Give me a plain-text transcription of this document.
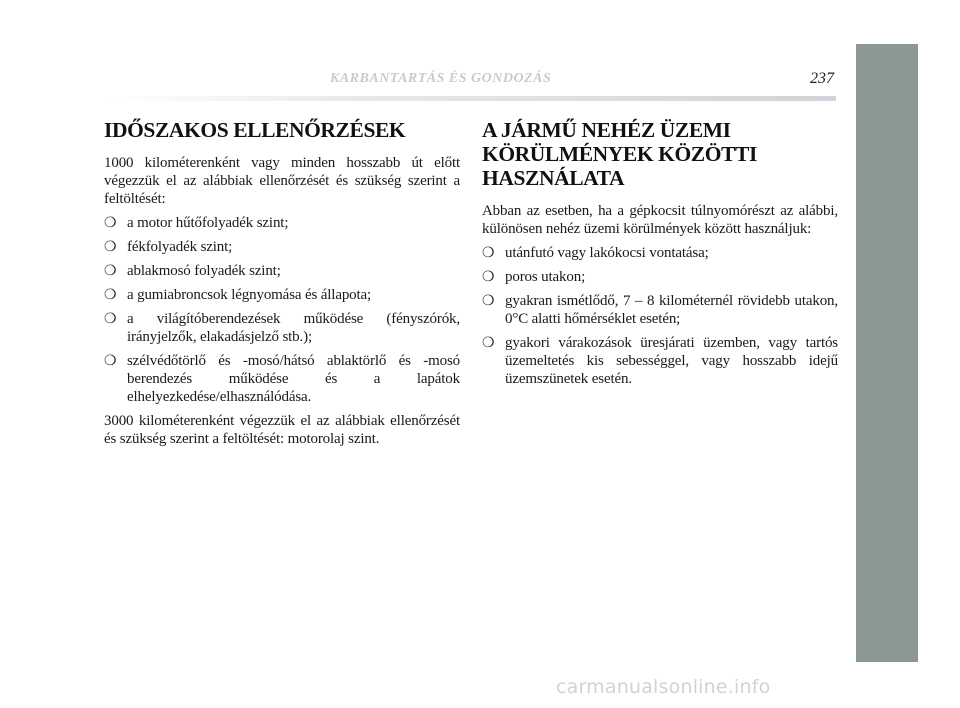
KARBANTARTÁS ÉS GONDOZÁS	237
IDŐSZAKOS ELLENŐRZÉSEK

1000 kilométerenként vagy minden hosszabb út előtt végezzük el az alábbiak ellenőrzését és szükség szerint a feltöltését:

❍ a motor hűtőfolyadék szint;
❍ fékfolyadék szint;
❍ ablakmosó folyadék szint;
❍ a gumiabroncsok légnyomása és állapota;
❍ a világítóberendezések működése (fényszórók, irányjelzők, elakadásjelző stb.);
❍ szélvédőtörlő és -mosó/hátsó ablaktörlő és -mosó berendezés működése és a lapátok elhelyezkedése/elhasználódása.

3000 kilométerenként végezzük el az alábbiak ellenőrzését és szükség szerint a feltöltését: motorolaj szint.

A JÁRMŰ NEHÉZ ÜZEMI
KÖRÜLMÉNYEK KÖZÖTTI
HASZNÁLATA

Abban az esetben, ha a gépkocsit túlnyomórészt az alábbi, különösen nehéz üzemi körülmények között használjuk:

❍ utánfutó vagy lakókocsi vontatása;
❍ poros utakon;
❍ gyakran ismétlődő, 7 – 8 kilométernél rövidebb utakon, 0°C alatti hőmérséklet esetén;
❍ gyakori várakozások üresjárati üzemben, vagy tartós üzemeltetés kis sebességgel, vagy hosszabb idejű üzemszünetek esetén.
carmanualsonline.info
